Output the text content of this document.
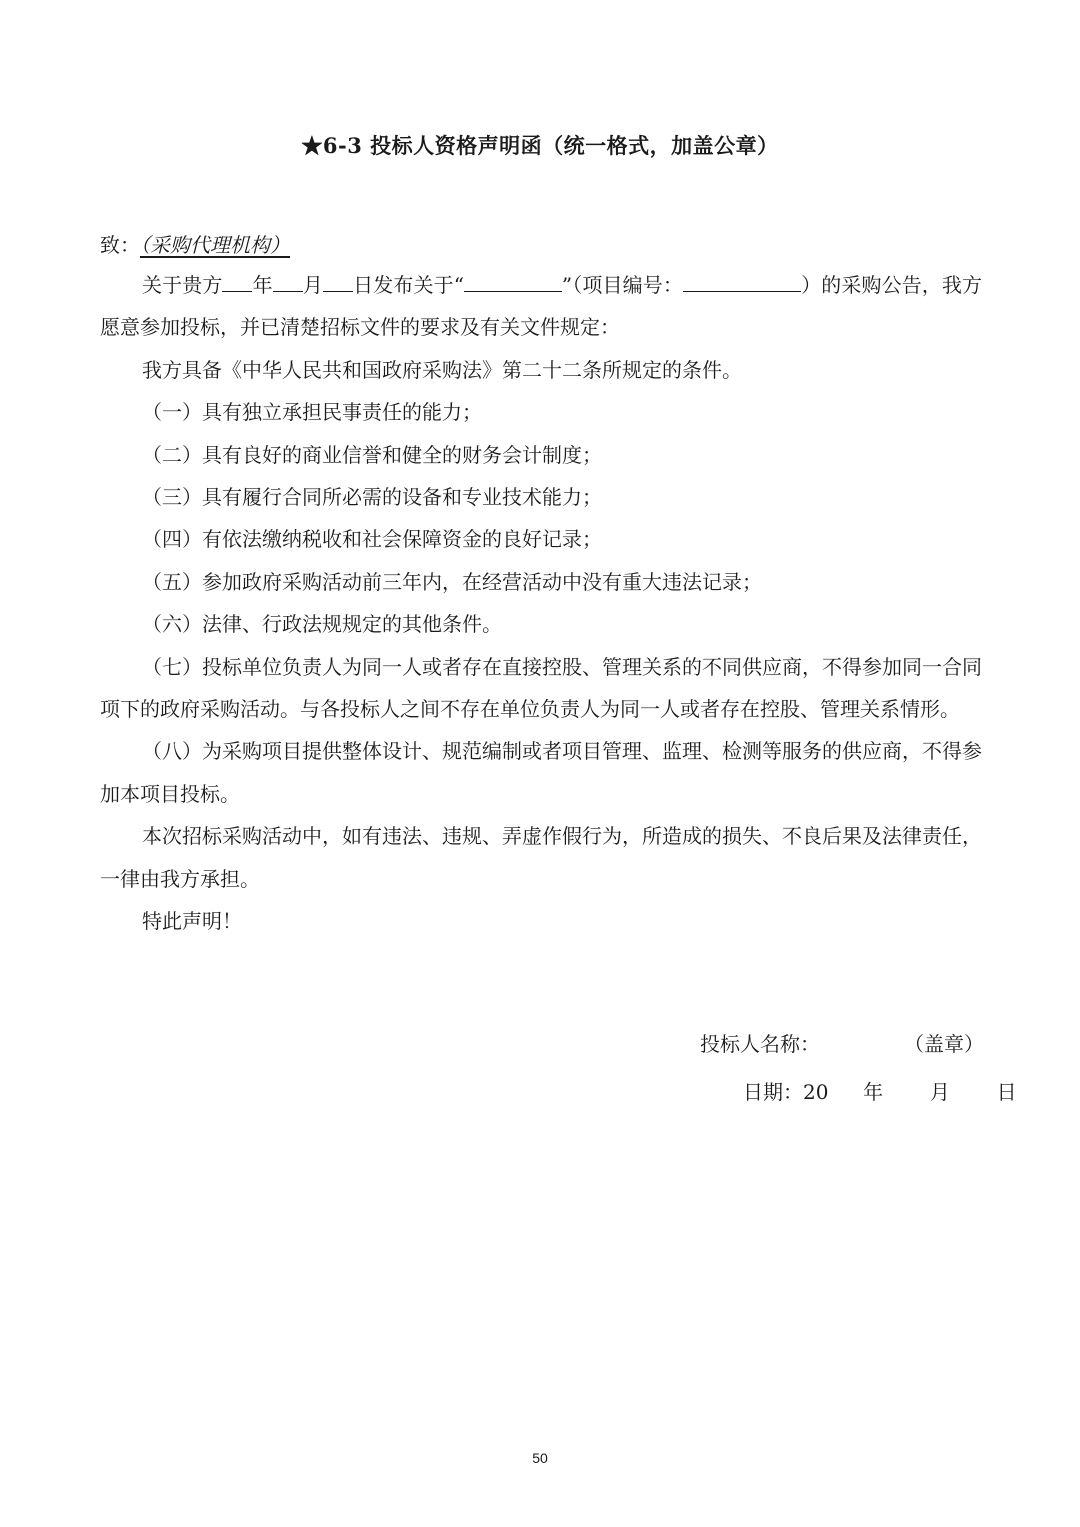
★6-3 投标人资格声明函（统一格式，加盖公章）
致：（采购代理机构）

关于贵方 年 月 日发布关于“	”（项目编号：	）的采购公告，我方愿意参加投标，并已清楚招标文件的要求及有关文件规定：

我方具备《中华人民共和国政府采购法》第二十二条所规定的条件。

（一）具有独立承担民事责任的能力；

（二）具有良好的商业信誉和健全的财务会计制度；

（三）具有履行合同所必需的设备和专业技术能力；

（四）有依法缴纳税收和社会保障资金的良好记录；

（五）参加政府采购活动前三年内，在经营活动中没有重大违法记录；

（六）法律、行政法规规定的其他条件。

（七）投标单位负责人为同一人或者存在直接控股、管理关系的不同供应商，不得参加同一合同项下的政府采购活动。与各投标人之间不存在单位负责人为同一人或者存在控股、管理关系情形。

（八）为采购项目提供整体设计、规范编制或者项目管理、监理、检测等服务的供应商，不得参加本项目投标。

本次招标采购活动中，如有违法、违规、弄虚作假行为，所造成的损失、不良后果及法律责任，一律由我方承担。

特此声明！

投标人名称：	（盖章）
日期：20 年 月 日
50
